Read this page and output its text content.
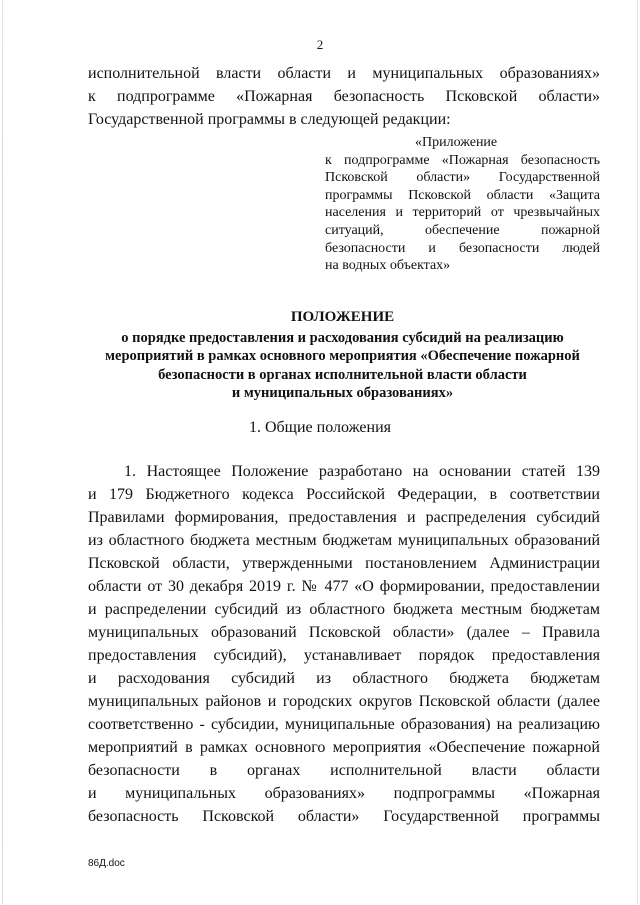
2
исполнительной власти области и муниципальных образованиях»
к подпрограмме «Пожарная безопасность Псковской области»
Государственной программы в следующей редакции:
«Приложение
к подпрограмме «Пожарная безопасность
Псковской области» Государственной
программы Псковской области «Защита
населения и территорий от чрезвычайных
ситуаций, обеспечение пожарной
безопасности и безопасности людей
на водных объектах»
ПОЛОЖЕНИЕ
о порядке предоставления и расходования субсидий на реализацию
мероприятий в рамках основного мероприятия «Обеспечение пожарной
безопасности в органах исполнительной власти области
и муниципальных образованиях»
1. Общие положения
1. Настоящее Положение разработано на основании статей 139
и 179 Бюджетного кодекса Российской Федерации, в соответствии
Правилами формирования, предоставления и распределения субсидий
из областного бюджета местным бюджетам муниципальных образований
Псковской области, утвержденными постановлением Администрации
области от 30 декабря 2019 г. № 477 «О формировании, предоставлении
и распределении субсидий из областного бюджета местным бюджетам
муниципальных образований Псковской области» (далее – Правила
предоставления субсидий), устанавливает порядок предоставления
и расходования субсидий из областного бюджета бюджетам
муниципальных районов и городских округов Псковской области (далее
соответственно - субсидии, муниципальные образования) на реализацию
мероприятий в рамках основного мероприятия «Обеспечение пожарной
безопасности в органах исполнительной власти области
и муниципальных образованиях» подпрограммы «Пожарная
безопасность Псковской области» Государственной программы
86Д.doc
